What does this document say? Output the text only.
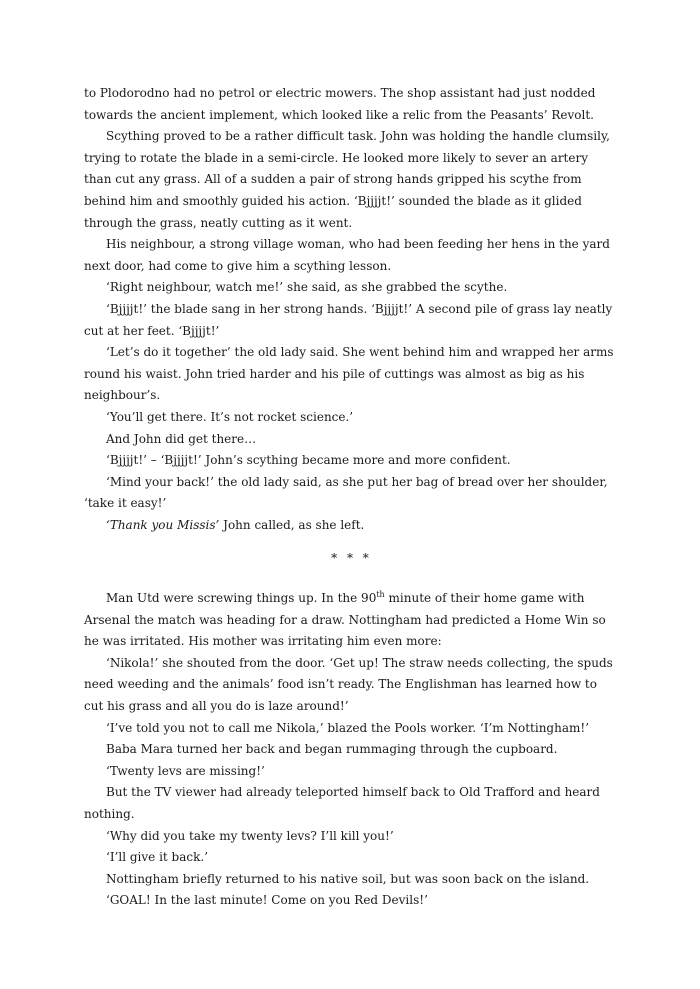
to Plodorodno had no petrol or electric mowers. The shop assistant had just nodded towards the ancient implement, which looked like a relic from the Peasants’ Revolt.

Scything proved to be a rather difficult task. John was holding the handle clumsily, trying to rotate the blade in a semi-circle. He looked more likely to sever an artery than cut any grass. All of a sudden a pair of strong hands gripped his scythe from behind him and smoothly guided his action. ‘Bjjjjt!’ sounded the blade as it glided through the grass, neatly cutting as it went.

His neighbour, a strong village woman, who had been feeding her hens in the yard next door, had come to give him a scything lesson.

‘Right neighbour, watch me!’ she said, as she grabbed the scythe.

‘Bjjjjt!’ the blade sang in her strong hands. ‘Bjjjjt!’ A second pile of grass lay neatly cut at her feet. ‘Bjjjjt!’

‘Let’s do it together’ the old lady said. She went behind him and wrapped her arms round his waist. John tried harder and his pile of cuttings was almost as big as his neighbour’s.

‘You’ll get there. It’s not rocket science.’

And John did get there…

‘Bjjjjt!’ – ‘Bjjjjt!’ John’s scything became more and more confident.

‘Mind your back!’ the old lady said, as she put her bag of bread over her shoulder, ‘take it easy!’

‘Thank you Missis’ John called, as she left.

* * *

Man Utd were screwing things up. In the 90th minute of their home game with Arsenal the match was heading for a draw. Nottingham had predicted a Home Win so he was irritated. His mother was irritating him even more:

‘Nikola!’ she shouted from the door. ‘Get up! The straw needs collecting, the spuds need weeding and the animals’ food isn’t ready. The Englishman has learned how to cut his grass and all you do is laze around!’

‘I’ve told you not to call me Nikola,’ blazed the Pools worker. ‘I’m Nottingham!’

Baba Mara turned her back and began rummaging through the cupboard.

‘Twenty levs are missing!’

But the TV viewer had already teleported himself back to Old Trafford and heard nothing.

‘Why did you take my twenty levs? I’ll kill you!’

‘I’ll give it back.’

Nottingham briefly returned to his native soil, but was soon back on the island.

‘GOAL! In the last minute! Come on you Red Devils!’
